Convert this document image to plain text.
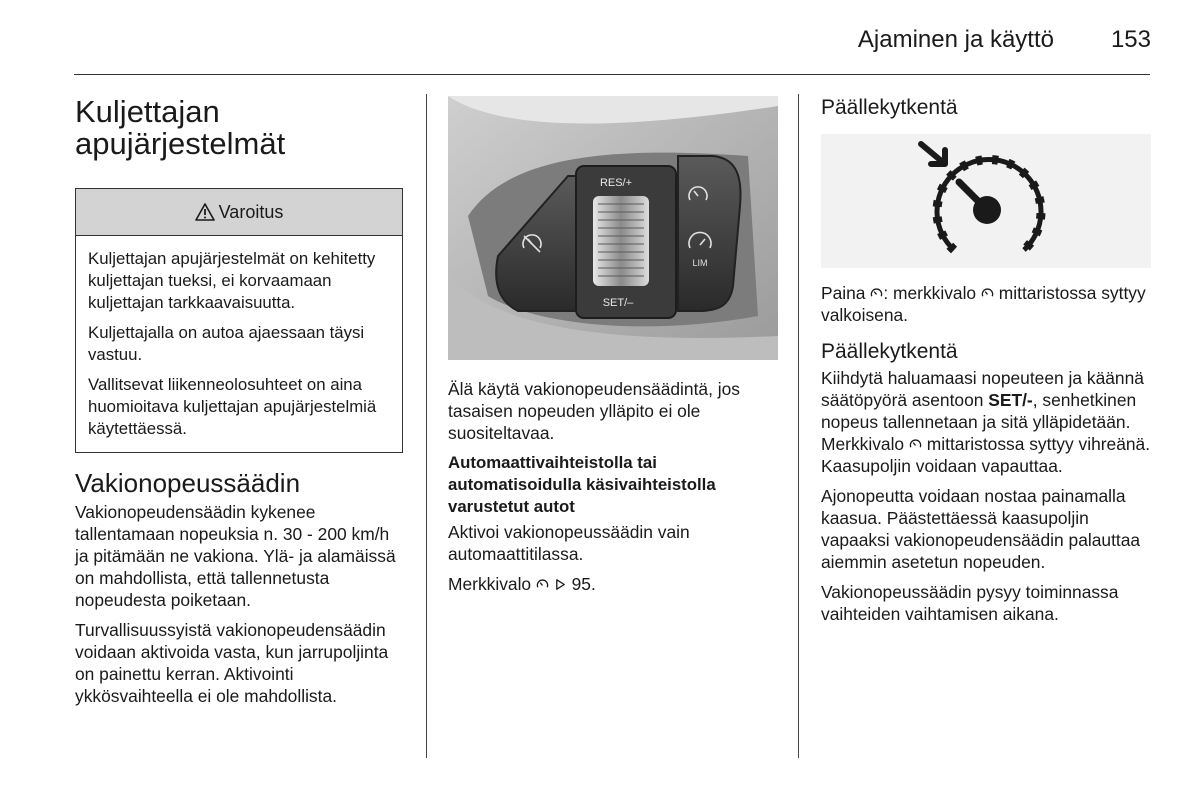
Ajaminen ja käyttö 153
Kuljettajan apujärjestelmät
Varoitus

Kuljettajan apujärjestelmät on kehitetty kuljettajan tueksi, ei korvaamaan kuljettajan tarkkaavaisuutta.

Kuljettajalla on autoa ajaessaan täysi vastuu.

Vallitsevat liikenneolosuhteet on aina huomioitava kuljettajan apujärjestelmiä käytettäessä.

Vakionopeussäädin

Vakionopeudensäädin kykenee tallentamaan nopeuksia n. 30 - 200 km/h ja pitämään ne vakiona. Ylä- ja alamäissä on mahdollista, että tallennetusta nopeudesta poiketaan.

Turvallisuussyistä vakionopeudensäädin voidaan aktivoida vasta, kun jarrupoljinta on painettu kerran. Aktivointi ykkösvaihteella ei ole mahdollista.

RES/+
SET/–
LIM

Älä käytä vakionopeudensäädintä, jos tasaisen nopeuden ylläpito ei ole suositeltavaa.

Automaattivaihteistolla tai automatisoidulla käsivaihteistolla varustetut autot

Aktivoi vakionopeussäädin vain automaattitilassa.

Merkkivalo 95.

Päällekytkentä

Paina : merkkivalo mittaristossa syttyy valkoisena.

Päällekytkentä

Kiihdytä haluamaasi nopeuteen ja käännä säätöpyörä asentoon SET/-, senhetkinen nopeus tallennetaan ja sitä ylläpidetään. Merkkivalo mittaristossa syttyy vihreänä. Kaasupoljin voidaan vapauttaa.

Ajonopeutta voidaan nostaa painamalla kaasua. Päästettäessä kaasupoljin vapaaksi vakionopeudensäädin palauttaa aiemmin asetetun nopeuden.

Vakionopeussäädin pysyy toiminnassa vaihteiden vaihtamisen aikana.
